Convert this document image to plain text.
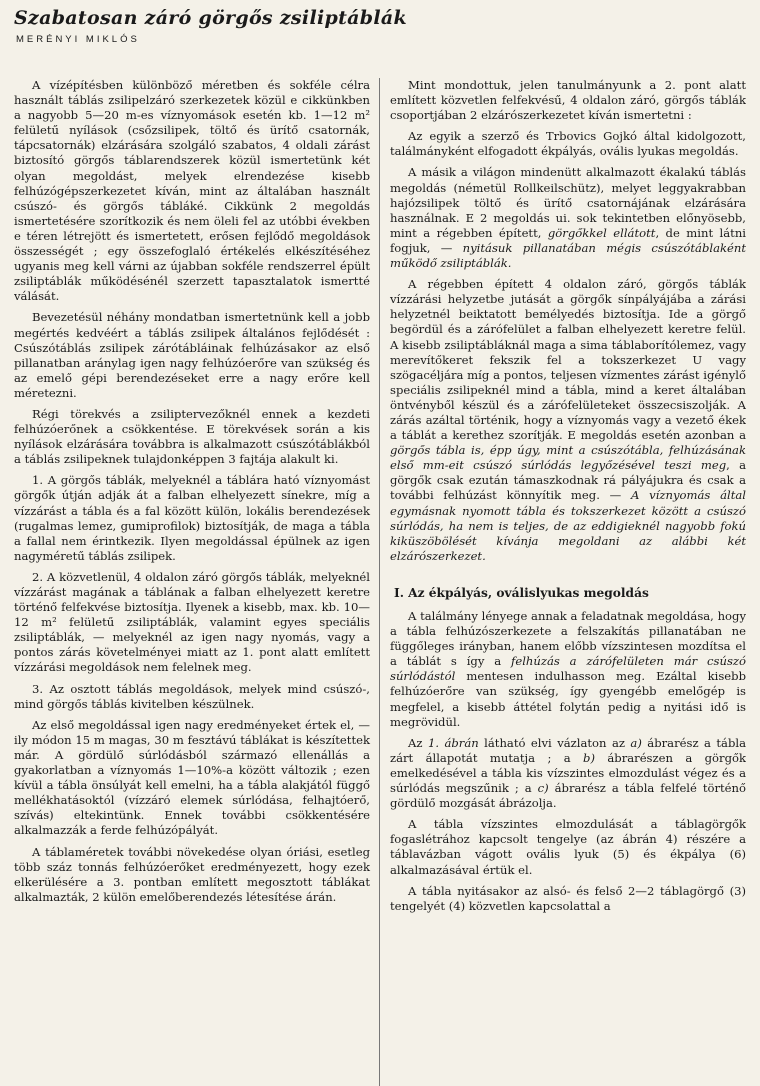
Szabatosan záró görgős zsiliptáblák
MERÉNYI MIKLÓS

A vízépítésben különböző méretben és sokféle célra használt táblás zsilipelzáró szerkezetek közül e cikkünkben a nagyobb 5—20 m-es víznyomások esetén kb. 1—12 m² felületű nyílások (csőzsilipek, töltő és ürítő csatornák, tápcsatornák) elzárására szolgáló szabatos, 4 oldali zárást biztosító görgős táblarendszerek közül ismertetünk két olyan megoldást, melyek elrendezése kisebb felhúzógépszerkezetet kíván, mint az általában használt csúszó- és görgős tábláké. Cikkünk 2 megoldás ismertetésére szorítkozik és nem öleli fel az utóbbi években e téren létrejött és ismertetett, erősen fejlődő megoldások összességét ; egy összefoglaló értékelés elkészítéséhez ugyanis meg kell várni az újabban sokféle rendszerrel épült zsiliptáblák működésénél szerzett tapasztalatok ismertté válását.

Bevezetésül néhány mondatban ismertetnünk kell a jobb megértés kedvéért a táblás zsilipek általános fejlődését : Csúszótáblás zsilipek zárótábláinak felhúzásakor az első pillanatban aránylag igen nagy felhúzóerőre van szükség és az emelő gépi berendezéseket erre a nagy erőre kell méretezni.

Régi törekvés a zsiliptervezőknél ennek a kezdeti felhúzóerőnek a csökkentése. E törekvések során a kis nyílások elzárására továbbra is alkalmazott csúszótáblákból a táblás zsilipeknek tulajdonképpen 3 fajtája alakult ki.

1. A görgős táblák, melyeknél a táblára ható víznyomást görgők útján adják át a falban elhelyezett sínekre, míg a vízzárást a tábla és a fal között külön, lokális berendezések (rugalmas lemez, gumiprofilok) biztosítják, de maga a tábla a fallal nem érintkezik. Ilyen megoldással épülnek az igen nagyméretű táblás zsilipek.

2. A közvetlenül, 4 oldalon záró görgős táblák, melyeknél vízzárást magának a táblának a falban elhelyezett keretre történő felfekvése biztosítja. Ilyenek a kisebb, max. kb. 10—12 m² felületű zsiliptáblák, valamint egyes speciális zsiliptáblák, — melyeknél az igen nagy nyomás, vagy a pontos zárás követelményei miatt az 1. pont alatt említett vízzárási megoldások nem felelnek meg.

3. Az osztott táblás megoldások, melyek mind csúszó-, mind görgős táblás kivitelben készülnek.

Az első megoldással igen nagy eredményeket értek el, — ily módon 15 m magas, 30 m fesztávú táblákat is készítettek már. A gördülő súrlódásból származó ellenállás a gyakorlatban a víznyomás 1—10%-a között változik ; ezen kívül a tábla önsúlyát kell emelni, ha a tábla alakjától függő mellékhatásoktól (vízzáró elemek súrlódása, felhajtóerő, szívás) eltekintünk. Ennek további csökkentésére alkalmazzák a ferde felhúzópályát.

A táblaméretek további növekedése olyan óriási, esetleg több száz tonnás felhúzóerőket eredményezett, hogy ezek elkerülésére a 3. pontban említett megosztott táblákat alkalmazták, 2 külön emelőberendezés létesítése árán.

Mint mondottuk, jelen tanulmányunk a 2. pont alatt említett közvetlen felfekvésű, 4 oldalon záró, görgős táblák csoportjában 2 elzárószerkezetet kíván ismertetni :

Az egyik a szerző és Trbovics Gojkó által kidolgozott, találmányként elfogadott ékpályás, ovális lyukas megoldás.

A másik a világon mindenütt alkalmazott ékalakú táblás megoldás (németül Rollkeilschütz), melyet leggyakrabban hajózsilipek töltő és ürítő csatornájának elzárására használnak. E 2 megoldás ui. sok tekintetben előnyösebb, mint a régebben épített, görgőkkel ellátott, de mint látni fogjuk, — nyitásuk pillanatában mégis csúszótáblaként működő zsiliptáblák.

A régebben épített 4 oldalon záró, görgős táblák vízzárási helyzetbe jutását a görgők sínpályájába a zárási helyzetnél beiktatott bemélyedés biztosítja. Ide a görgő begördül és a zárófelület a falban elhelyezett keretre felül. A kisebb zsiliptábláknál maga a sima táblaborítólemez, vagy merevítőkeret fekszik fel a tokszerkezet U vagy szögacéljára míg a pontos, teljesen vízmentes zárást igénylő speciális zsilipeknél mind a tábla, mind a keret általában öntvényből készül és a zárófelületeket összecsiszolják. A zárás azáltal történik, hogy a víznyomás vagy a vezető ékek a táblát a kerethez szorítják. E megoldás esetén azonban a görgős tábla is, épp úgy, mint a csúszótábla, felhúzásának első mm-eit csúszó súrlódás legyőzésével teszi meg, a görgők csak ezután támaszkodnak rá pályájukra és csak a további felhúzást könnyítik meg. — A víznyomás által egymásnak nyomott tábla és tokszerkezet között a csúszó súrlódás, ha nem is teljes, de az eddigieknél nagyobb fokú kiküszöbölését kívánja megoldani az alábbi két elzárószerkezet.

I. Az ékpályás, oválislyukas megoldás

A találmány lényege annak a feladatnak megoldása, hogy a tábla felhúzószerkezete a felszakítás pillanatában ne függőleges irányban, hanem előbb vízszintesen mozdítsa el a táblát s így a felhúzás a zárófelületen már csúszó súrlódástól mentesen indulhasson meg. Ezáltal kisebb felhúzóerőre van szükség, így gyengébb emelőgép is megfelel, a kisebb áttétel folytán pedig a nyitási idő is megrövidül.

Az 1. ábrán látható elvi vázlaton az a) ábrarész a tábla zárt állapotát mutatja ; a b) ábrarészen a görgők emelkedésével a tábla kis vízszintes elmozdulást végez és a súrlódás megszűnik ; a c) ábrarész a tábla felfelé történő gördülő mozgását ábrázolja.

A tábla vízszintes elmozdulását a táblagörgők fogaslétrához kapcsolt tengelye (az ábrán 4) részére a táblavázban vágott ovális lyuk (5) és ékpálya (6) alkalmazásával értük el.

A tábla nyitásakor az alsó- és felső 2—2 táblagörgő (3) tengelyét (4) közvetlen kapcsolattal a
